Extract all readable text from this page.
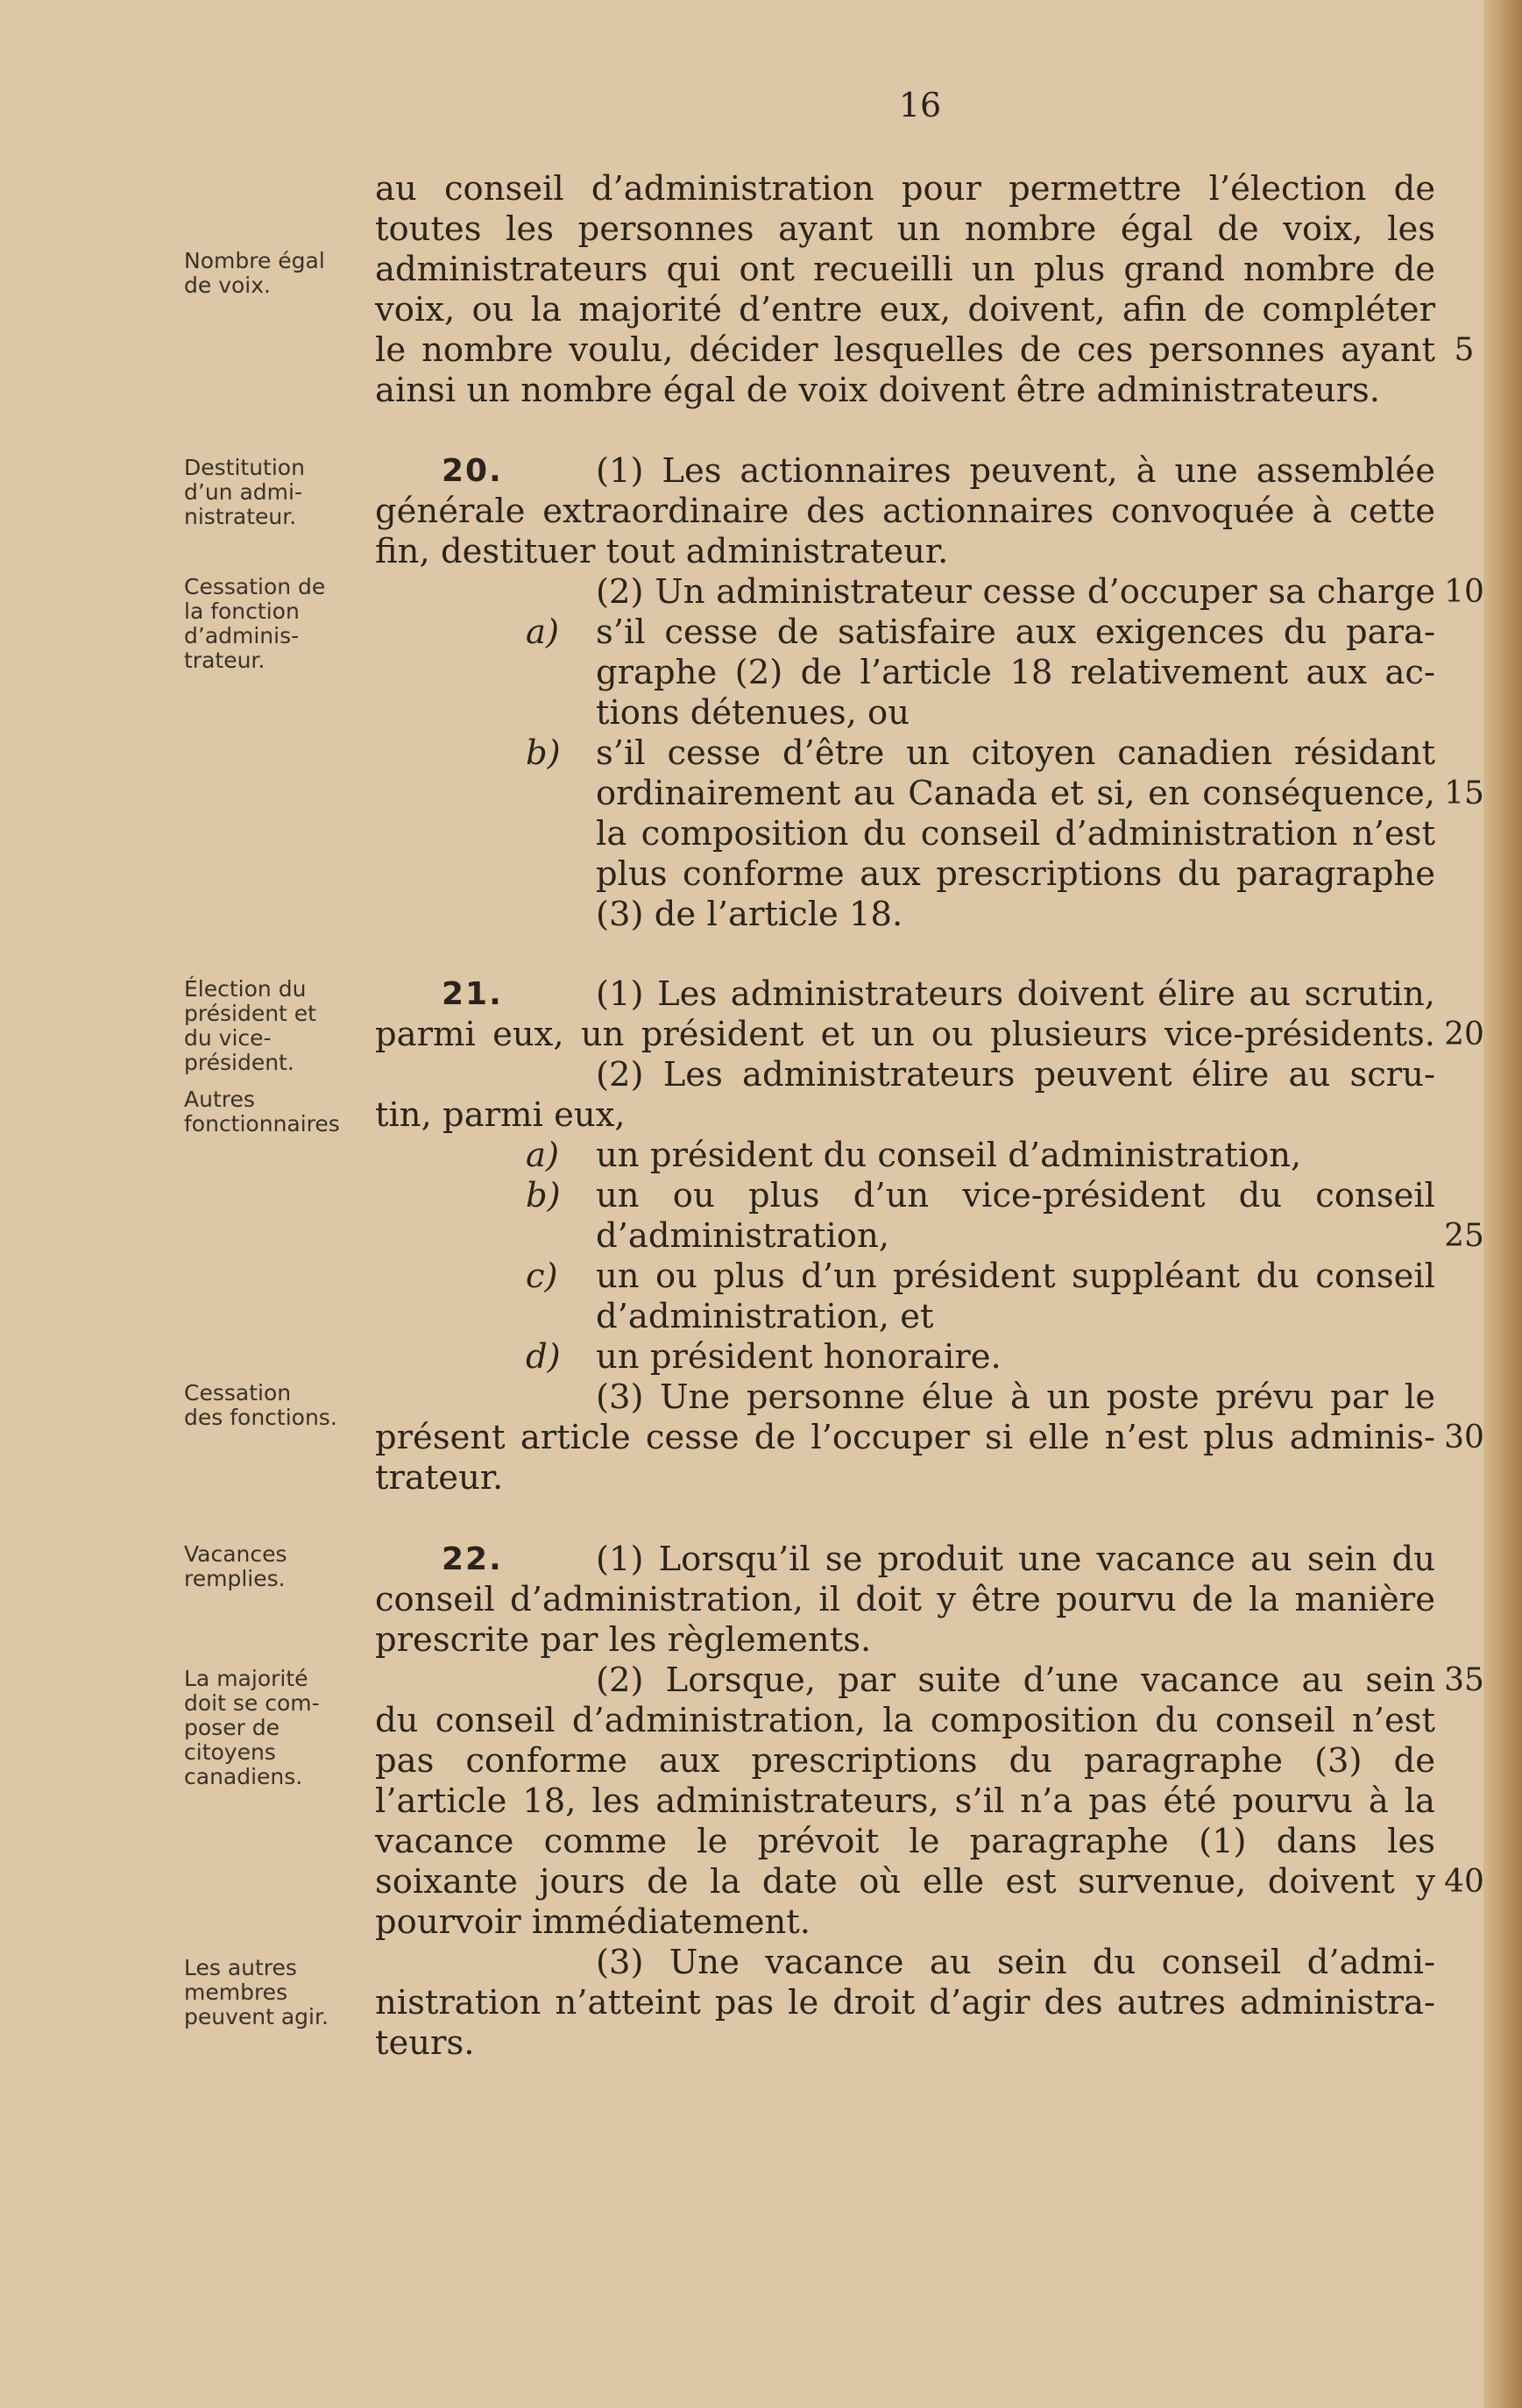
16
Nombre égal
de voix.
Destitution
d’un admi-
nistrateur.
Cessation de
la fonction
d’adminis-
trateur.
Élection du
président et
du vice-
président.
Autres
fonctionnaires
Cessation
des fonctions.
Vacances
remplies.
La majorité
doit se com-
poser de
citoyens
canadiens.
Les autres
membres
peuvent agir.
au conseil d’administration pour permettre l’élection de
toutes les personnes ayant un nombre égal de voix, les
administrateurs qui ont recueilli un plus grand nombre de
voix, ou la majorité d’entre eux, doivent, afin de compléter
le nombre voulu, décider lesquelles de ces personnes ayant
ainsi un nombre égal de voix doivent être administrateurs.
20.	(1) Les actionnaires peuvent, à une assemblée
générale extraordinaire des actionnaires convoquée à cette
fin, destituer tout administrateur.
(2) Un administrateur cesse d’occuper sa charge
a)	s’il cesse de satisfaire aux exigences du para-
graphe (2) de l’article 18 relativement aux ac-
tions détenues, ou
b)	s’il cesse d’être un citoyen canadien résidant
ordinairement au Canada et si, en conséquence,
la composition du conseil d’administration n’est
plus conforme aux prescriptions du paragraphe
(3) de l’article 18.
21.	(1) Les administrateurs doivent élire au scrutin,
parmi eux, un président et un ou plusieurs vice-présidents.
(2) Les administrateurs peuvent élire au scru-
tin, parmi eux,
a)	un président du conseil d’administration,
b)	un ou plus d’un vice-président du conseil
d’administration,
c)	un ou plus d’un président suppléant du conseil
d’administration, et
d)	un président honoraire.
(3) Une personne élue à un poste prévu par le
présent article cesse de l’occuper si elle n’est plus adminis-
trateur.
22.	(1) Lorsqu’il se produit une vacance au sein du
conseil d’administration, il doit y être pourvu de la manière
prescrite par les règlements.
(2) Lorsque, par suite d’une vacance au sein
du conseil d’administration, la composition du conseil n’est
pas conforme aux prescriptions du paragraphe (3) de
l’article 18, les administrateurs, s’il n’a pas été pourvu à la
vacance comme le prévoit le paragraphe (1) dans les
soixante jours de la date où elle est survenue, doivent y
pourvoir immédiatement.
(3) Une vacance au sein du conseil d’admi-
nistration n’atteint pas le droit d’agir des autres administra-
teurs.
5
10
15
20
25
30
35
40
